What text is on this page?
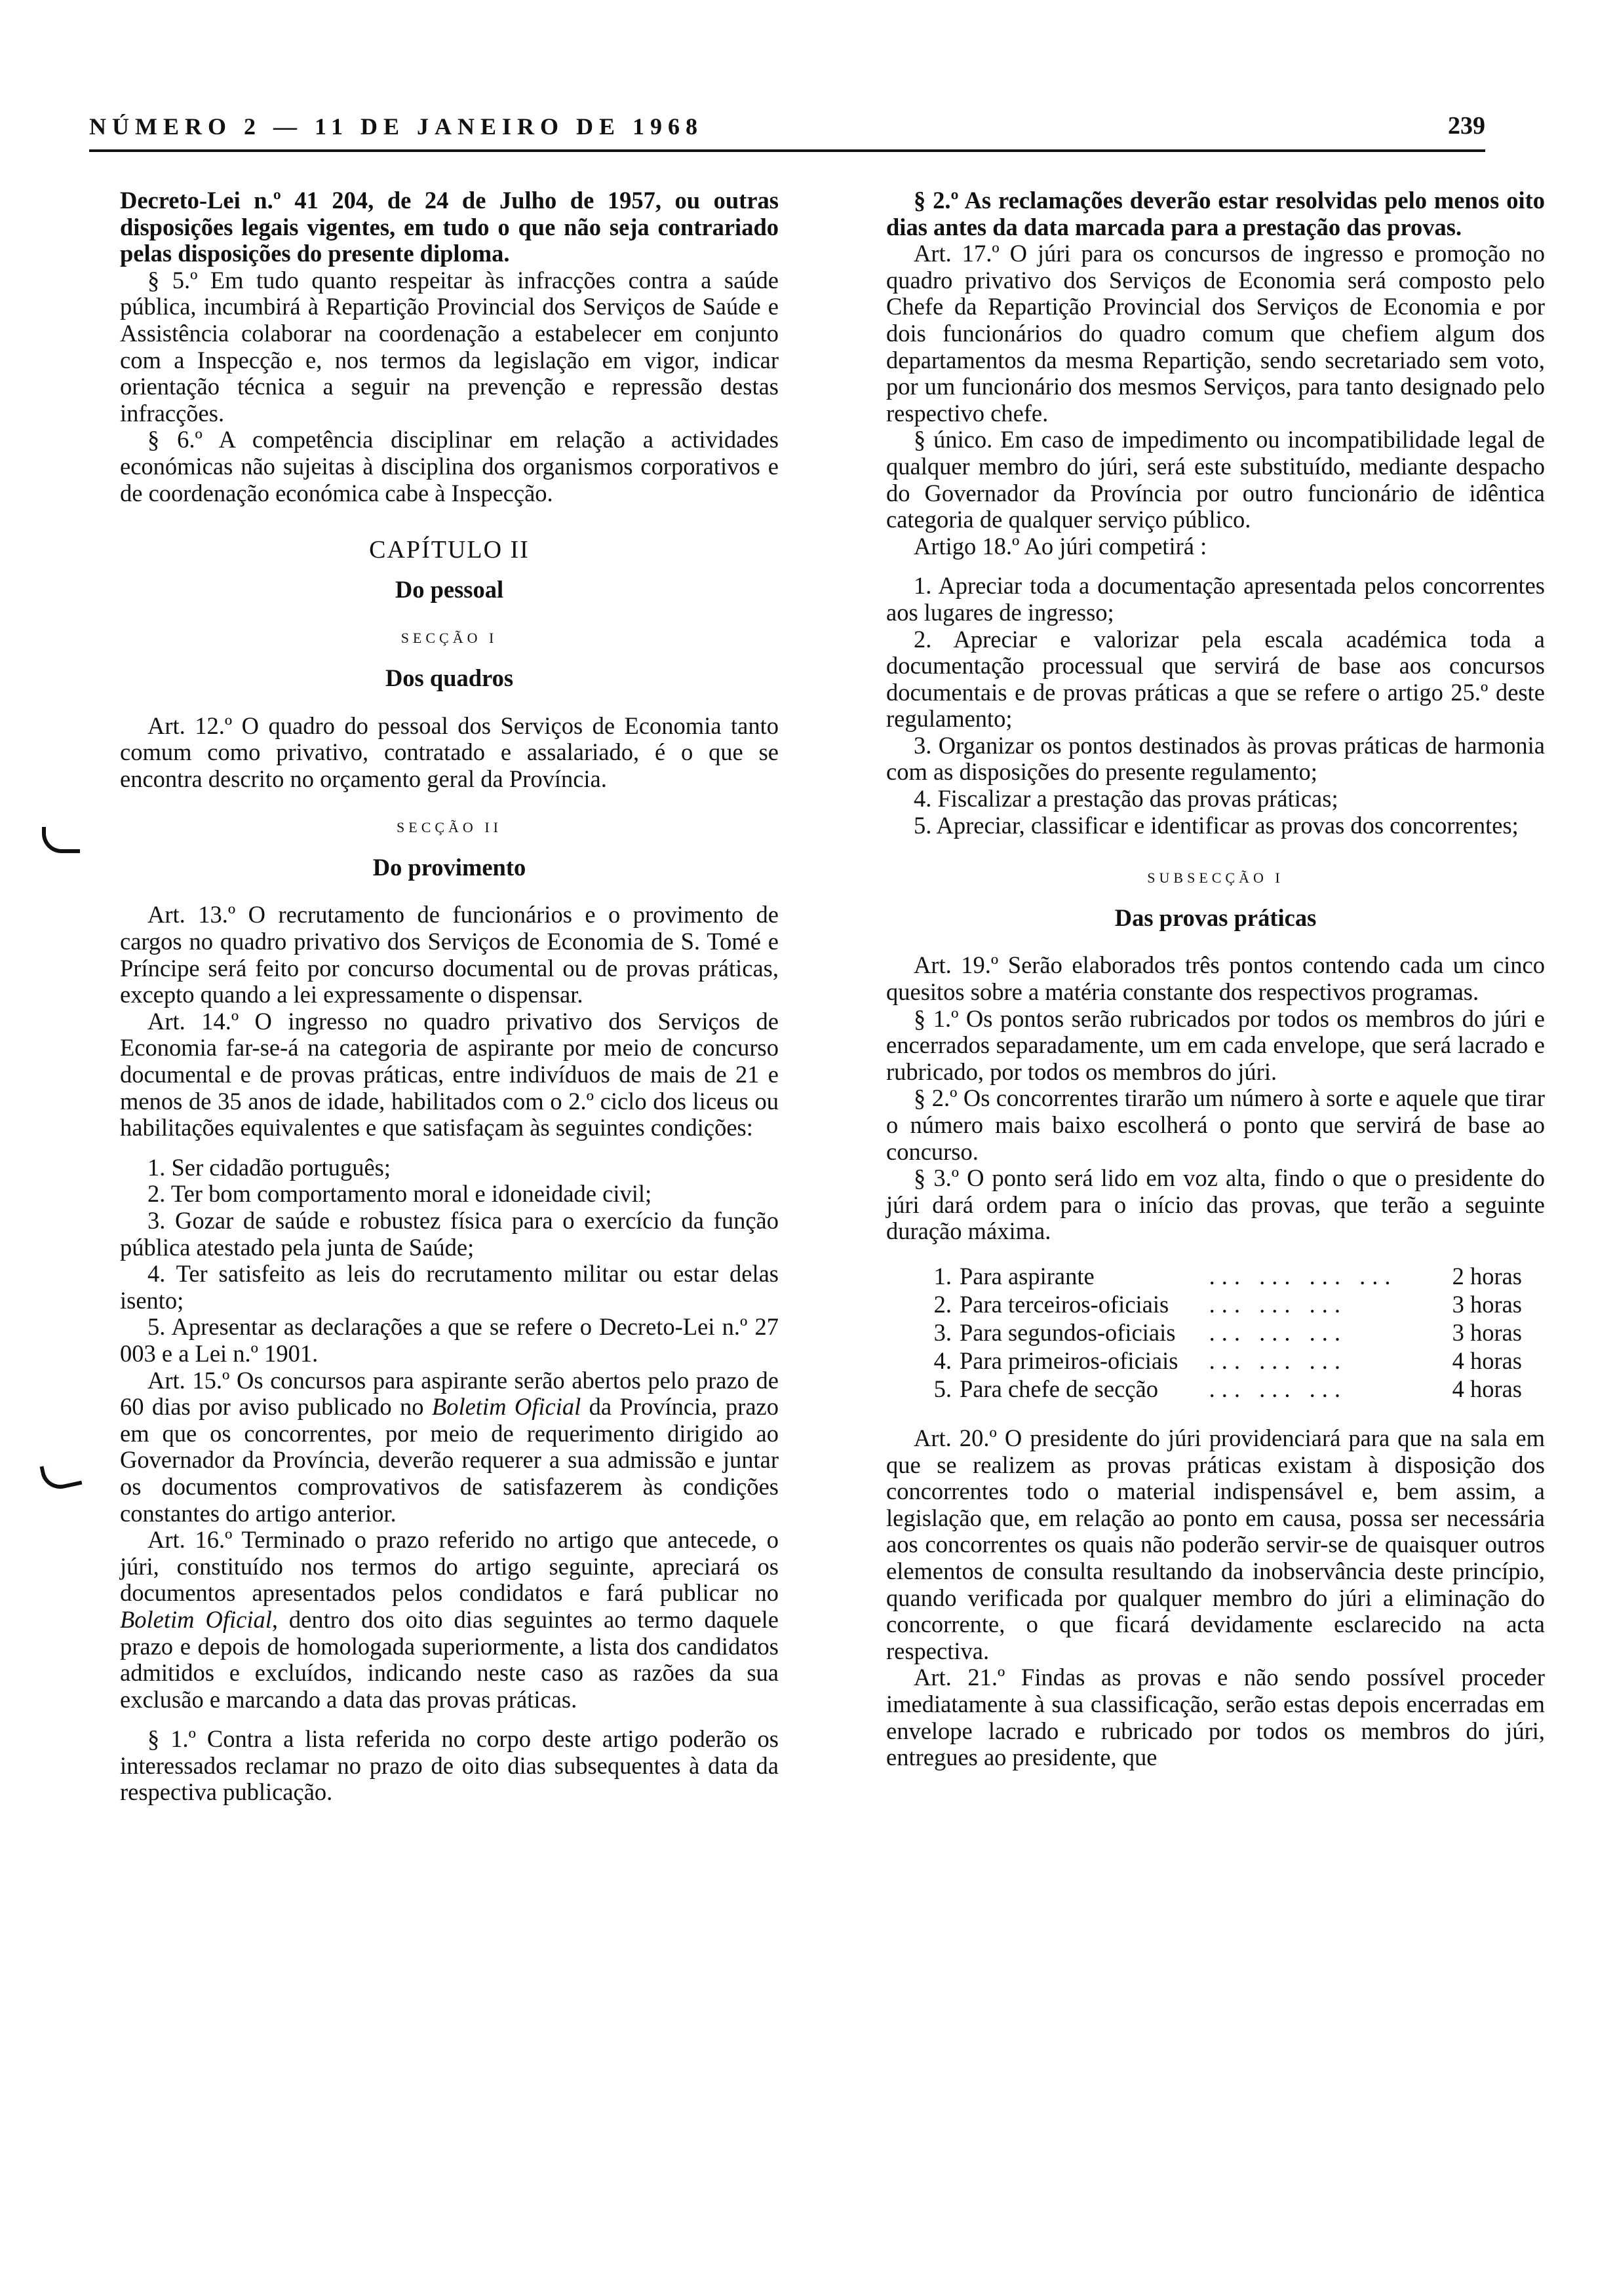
NÚMERO 2 — 11 DE JANEIRO DE 1968	239

Decreto-Lei n.º 41 204, de 24 de Julho de 1957, ou outras disposições legais vigentes, em tudo o que não seja contrariado pelas disposições do presente diploma.

§ 5.º Em tudo quanto respeitar às infracções contra a saúde pública, incumbirá à Repartição Provincial dos Serviços de Saúde e Assistência colaborar na coordenação a estabelecer em conjunto com a Inspecção e, nos termos da legislação em vigor, indicar orientação técnica a seguir na prevenção e repressão destas infracções.

§ 6.º A competência disciplinar em relação a actividades económicas não sujeitas à disciplina dos organismos corporativos e de coordenação económica cabe à Inspecção.

CAPÍTULO II
Do pessoal
SECÇÃO I
Dos quadros

Art. 12.º O quadro do pessoal dos Serviços de Economia tanto comum como privativo, contratado e assalariado, é o que se encontra descrito no orçamento geral da Província.

SECÇÃO II
Do provimento

Art. 13.º O recrutamento de funcionários e o provimento de cargos no quadro privativo dos Serviços de Economia de S. Tomé e Príncipe será feito por concurso documental ou de provas práticas, excepto quando a lei expressamente o dispensar.

Art. 14.º O ingresso no quadro privativo dos Serviços de Economia far-se-á na categoria de aspirante por meio de concurso documental e de provas práticas, entre indivíduos de mais de 21 e menos de 35 anos de idade, habilitados com o 2.º ciclo dos liceus ou habilitações equivalentes e que satisfaçam às seguintes condições:

1. Ser cidadão português;

2. Ter bom comportamento moral e idoneidade civil;

3. Gozar de saúde e robustez física para o exercício da função pública atestado pela junta de Saúde;

4. Ter satisfeito as leis do recrutamento militar ou estar delas isento;

5. Apresentar as declarações a que se refere o Decreto-Lei n.º 27 003 e a Lei n.º 1901.

Art. 15.º Os concursos para aspirante serão abertos pelo prazo de 60 dias por aviso publicado no Boletim Oficial da Província, prazo em que os concorrentes, por meio de requerimento dirigido ao Governador da Província, deverão requerer a sua admissão e juntar os documentos comprovativos de satisfazerem às condições constantes do artigo anterior.

Art. 16.º Terminado o prazo referido no artigo que antecede, o júri, constituído nos termos do artigo seguinte, apreciará os documentos apresentados pelos condidatos e fará publicar no Boletim Oficial, dentro dos oito dias seguintes ao termo daquele prazo e depois de homologada superiormente, a lista dos candidatos admitidos e excluídos, indicando neste caso as razões da sua exclusão e marcando a data das provas práticas.

§ 1.º Contra a lista referida no corpo deste artigo poderão os interessados reclamar no prazo de oito dias subsequentes à data da respectiva publicação.

§ 2.º As reclamações deverão estar resolvidas pelo menos oito dias antes da data marcada para a prestação das provas.

Art. 17.º O júri para os concursos de ingresso e promoção no quadro privativo dos Serviços de Economia será composto pelo Chefe da Repartição Provincial dos Serviços de Economia e por dois funcionários do quadro comum que chefiem algum dos departamentos da mesma Repartição, sendo secretariado sem voto, por um funcionário dos mesmos Serviços, para tanto designado pelo respectivo chefe.

§ único. Em caso de impedimento ou incompatibilidade legal de qualquer membro do júri, será este substituído, mediante despacho do Governador da Província por outro funcionário de idêntica categoria de qualquer serviço público.

Artigo 18.º Ao júri competirá :

1. Apreciar toda a documentação apresentada pelos concorrentes aos lugares de ingresso;

2. Apreciar e valorizar pela escala académica toda a documentação processual que servirá de base aos concursos documentais e de provas práticas a que se refere o artigo 25.º deste regulamento;

3. Organizar os pontos destinados às provas práticas de harmonia com as disposições do presente regulamento;

4. Fiscalizar a prestação das provas práticas;

5. Apreciar, classificar e identificar as provas dos concorrentes;

SUBSECÇÃO I
Das provas práticas

Art. 19.º Serão elaborados três pontos contendo cada um cinco quesitos sobre a matéria constante dos respectivos programas.

§ 1.º Os pontos serão rubricados por todos os membros do júri e encerrados separadamente, um em cada envelope, que será lacrado e rubricado, por todos os membros do júri.

§ 2.º Os concorrentes tirarão um número à sorte e aquele que tirar o número mais baixo escolherá o ponto que servirá de base ao concurso.

§ 3.º O ponto será lido em voz alta, findo o que o presidente do júri dará ordem para o início das provas, que terão a seguinte duração máxima.

1.	Para aspirante	... ... ... ...	2 horas
2.	Para terceiros-oficiais	... ... ...	3 horas
3.	Para segundos-oficiais	... ... ...	3 horas
4.	Para primeiros-oficiais	... ... ...	4 horas
5.	Para chefe de secção	... ... ...	4 horas

Art. 20.º O presidente do júri providenciará para que na sala em que se realizem as provas práticas existam à disposição dos concorrentes todo o material indispensável e, bem assim, a legislação que, em relação ao ponto em causa, possa ser necessária aos concorrentes os quais não poderão servir-se de quaisquer outros elementos de consulta resultando da inobservância deste princípio, quando verificada por qualquer membro do júri a eliminação do concorrente, o que ficará devidamente esclarecido na acta respectiva.

Art. 21.º Findas as provas e não sendo possível proceder imediatamente à sua classificação, serão estas depois encerradas em envelope lacrado e rubricado por todos os membros do júri, entregues ao presidente, que
